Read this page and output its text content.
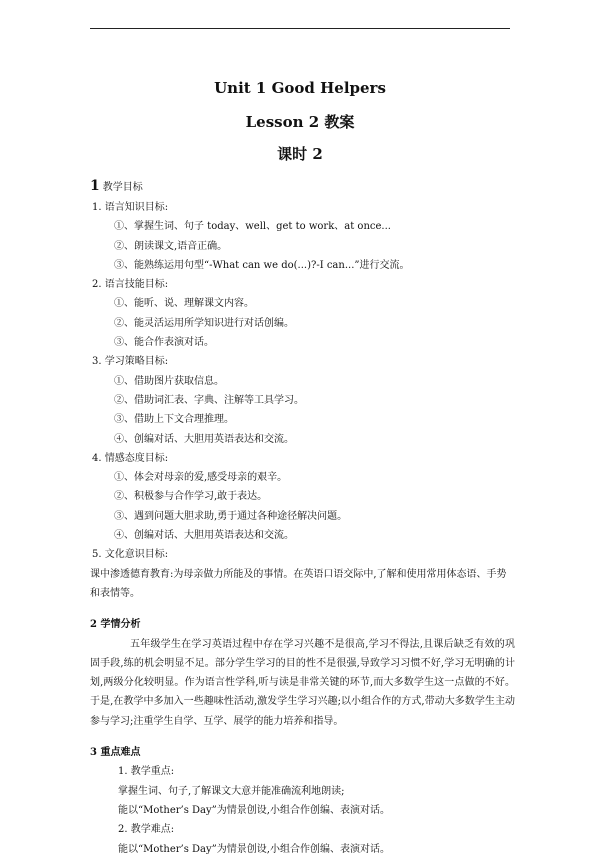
Unit 1 Good Helpers
Lesson 2 教案
课时 2
1 教学目标
1. 语言知识目标:
①、掌握生词、句子 today、well、get to work、at once...
②、朗读课文,语音正确。
③、能熟练运用句型“-What can we do(...)?-I can...”进行交流。
2. 语言技能目标:
①、能听、说、理解课文内容。
②、能灵活运用所学知识进行对话创编。
③、能合作表演对话。
3. 学习策略目标:
①、借助图片获取信息。
②、借助词汇表、字典、注解等工具学习。
③、借助上下文合理推理。
④、创编对话、大胆用英语表达和交流。
4. 情感态度目标:
①、体会对母亲的爱,感受母亲的艰辛。
②、积极参与合作学习,敢于表达。
③、遇到问题大胆求助,勇于通过各种途径解决问题。
④、创编对话、大胆用英语表达和交流。
5. 文化意识目标:

课中渗透德育教育:为母亲做力所能及的事情。在英语口语交际中,了解和使用常用体态语、手势和表情等。

2 学情分析

五年级学生在学习英语过程中存在学习兴趣不是很高,学习不得法,且课后缺乏有效的巩固手段,练的机会明显不足。部分学生学习的目的性不是很强,导致学习习惯不好,学习无明确的计划,两级分化较明显。作为语言性学科,听与读是非常关键的环节,而大多数学生这一点做的不好。于是,在教学中多加入一些趣味性活动,激发学生学习兴趣;以小组合作的方式,带动大多数学生主动参与学习;注重学生自学、互学、展学的能力培养和指导。

3 重点难点
1. 教学重点:
掌握生词、句子,了解课文大意并能准确流利地朗读;
能以“Mother’s Day”为情景创设,小组合作创编、表演对话。
2. 教学难点:
能以“Mother’s Day”为情景创设,小组合作创编、表演对话。
